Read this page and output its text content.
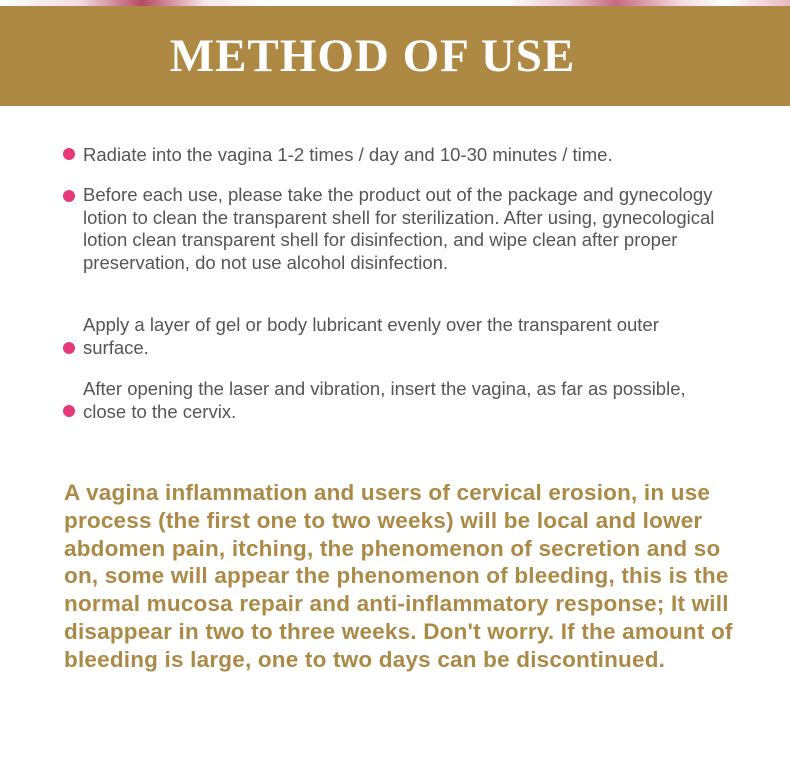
METHOD OF USE
Radiate into the vagina 1-2 times / day and 10-30 minutes / time.
Before each use, please take the product out of the package and gynecology lotion to clean the transparent shell for sterilization. After using, gynecological lotion clean transparent shell for disinfection, and wipe clean after proper preservation, do not use alcohol disinfection.
Apply a layer of gel or body lubricant evenly over the transparent outer surface.
After opening the laser and vibration, insert the vagina, as far as possible, close to the cervix.
A vagina inflammation and users of cervical erosion, in use process (the first one to two weeks) will be local and lower abdomen pain, itching, the phenomenon of secretion and so on, some will appear the phenomenon of bleeding, this is the normal mucosa repair and anti-inflammatory response; It will disappear in two to three weeks. Don't worry. If the amount of bleeding is large, one to two days can be discontinued.
